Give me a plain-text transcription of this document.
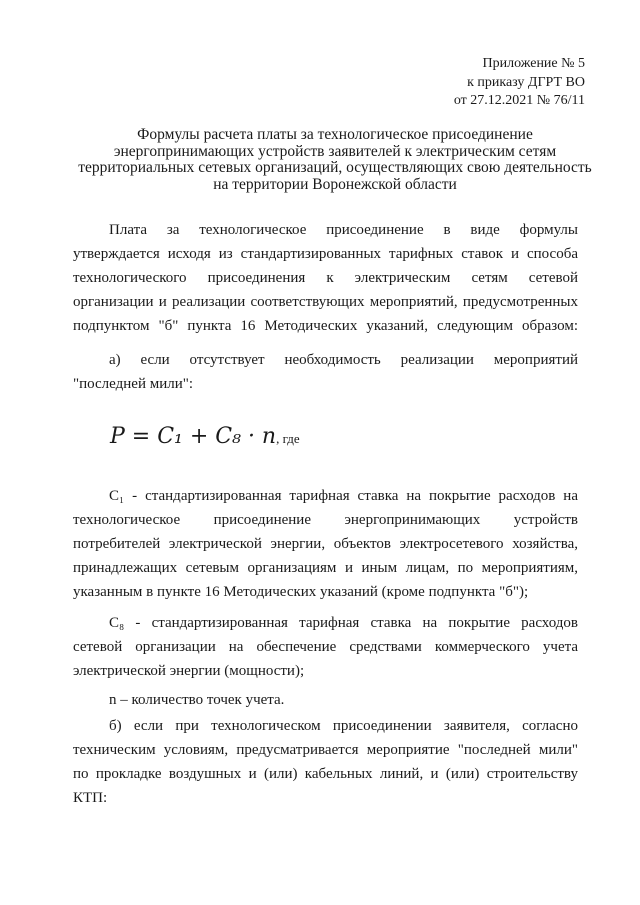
Приложение № 5
к приказу ДГРТ ВО
от 27.12.2021 № 76/11
Формулы расчета платы за технологическое присоединение
энергопринимающих устройств заявителей к электрическим сетям
территориальных сетевых организаций, осуществляющих свою деятельность
на территории Воронежской области
Плата за технологическое присоединение в виде формулы
утверждается исходя из стандартизированных тарифных ставок и способа
технологического присоединения к электрическим сетям сетевой
организации и реализации соответствующих мероприятий, предусмотренных
подпунктом "б" пункта 16 Методических указаний, следующим образом:
а) если отсутствует необходимость реализации мероприятий
"последней мили":
P = C₁ + C₈ · n, где
C₁ - стандартизированная тарифная ставка на покрытие расходов на
технологическое присоединение энергопринимающих устройств
потребителей электрической энергии, объектов электросетевого хозяйства,
принадлежащих сетевым организациям и иным лицам, по мероприятиям,
указанным в пункте 16 Методических указаний (кроме подпункта "б");
C₈ - стандартизированная тарифная ставка на покрытие расходов
сетевой организации на обеспечение средствами коммерческого учета
электрической энергии (мощности);
n – количество точек учета.
б) если при технологическом присоединении заявителя, согласно
техническим условиям, предусматривается мероприятие "последней мили"
по прокладке воздушных и (или) кабельных линий, и (или) строительству
КТП:
